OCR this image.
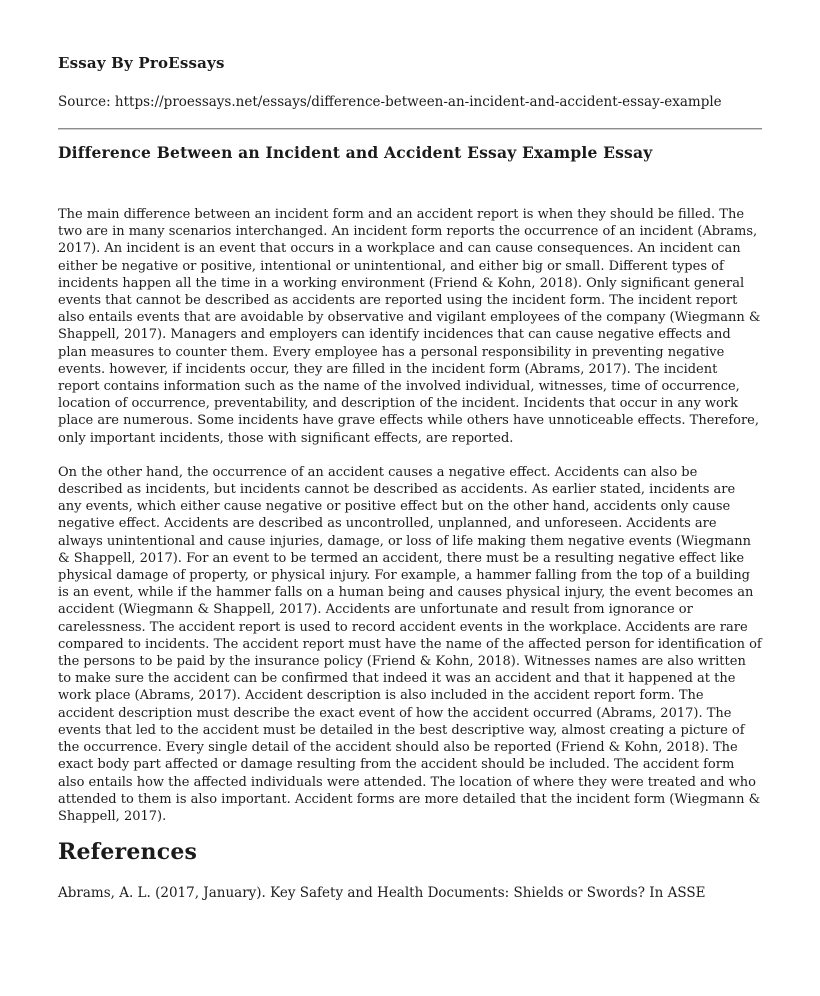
Essay By ProEssays
Source: https://proessays.net/essays/difference-between-an-incident-and-accident-essay-example
Difference Between an Incident and Accident Essay Example Essay

The main difference between an incident form and an accident report is when they should be filled. The two are in many scenarios interchanged. An incident form reports the occurrence of an incident (Abrams, 2017). An incident is an event that occurs in a workplace and can cause consequences. An incident can either be negative or positive, intentional or unintentional, and either big or small. Different types of incidents happen all the time in a working environment (Friend & Kohn, 2018). Only significant general events that cannot be described as accidents are reported using the incident form. The incident report also entails events that are avoidable by observative and vigilant employees of the company (Wiegmann & Shappell, 2017). Managers and employers can identify incidences that can cause negative effects and plan measures to counter them. Every employee has a personal responsibility in preventing negative events. however, if incidents occur, they are filled in the incident form (Abrams, 2017). The incident report contains information such as the name of the involved individual, witnesses, time of occurrence, location of occurrence, preventability, and description of the incident. Incidents that occur in any work place are numerous. Some incidents have grave effects while others have unnoticeable effects. Therefore, only important incidents, those with significant effects, are reported.

On the other hand, the occurrence of an accident causes a negative effect. Accidents can also be described as incidents, but incidents cannot be described as accidents. As earlier stated, incidents are any events, which either cause negative or positive effect but on the other hand, accidents only cause negative effect. Accidents are described as uncontrolled, unplanned, and unforeseen. Accidents are always unintentional and cause injuries, damage, or loss of life making them negative events (Wiegmann & Shappell, 2017). For an event to be termed an accident, there must be a resulting negative effect like physical damage of property, or physical injury. For example, a hammer falling from the top of a building is an event, while if the hammer falls on a human being and causes physical injury, the event becomes an accident (Wiegmann & Shappell, 2017). Accidents are unfortunate and result from ignorance or carelessness. The accident report is used to record accident events in the workplace. Accidents are rare compared to incidents. The accident report must have the name of the affected person for identification of the persons to be paid by the insurance policy (Friend & Kohn, 2018). Witnesses names are also written to make sure the accident can be confirmed that indeed it was an accident and that it happened at the work place (Abrams, 2017). Accident description is also included in the accident report form. The accident description must describe the exact event of how the accident occurred (Abrams, 2017). The events that led to the accident must be detailed in the best descriptive way, almost creating a picture of the occurrence. Every single detail of the accident should also be reported (Friend & Kohn, 2018). The exact body part affected or damage resulting from the accident should be included. The accident form also entails how the affected individuals were attended. The location of where they were treated and who attended to them is also important. Accident forms are more detailed that the incident form (Wiegmann & Shappell, 2017).

References

Abrams, A. L. (2017, January). Key Safety and Health Documents: Shields or Swords? In ASSE
